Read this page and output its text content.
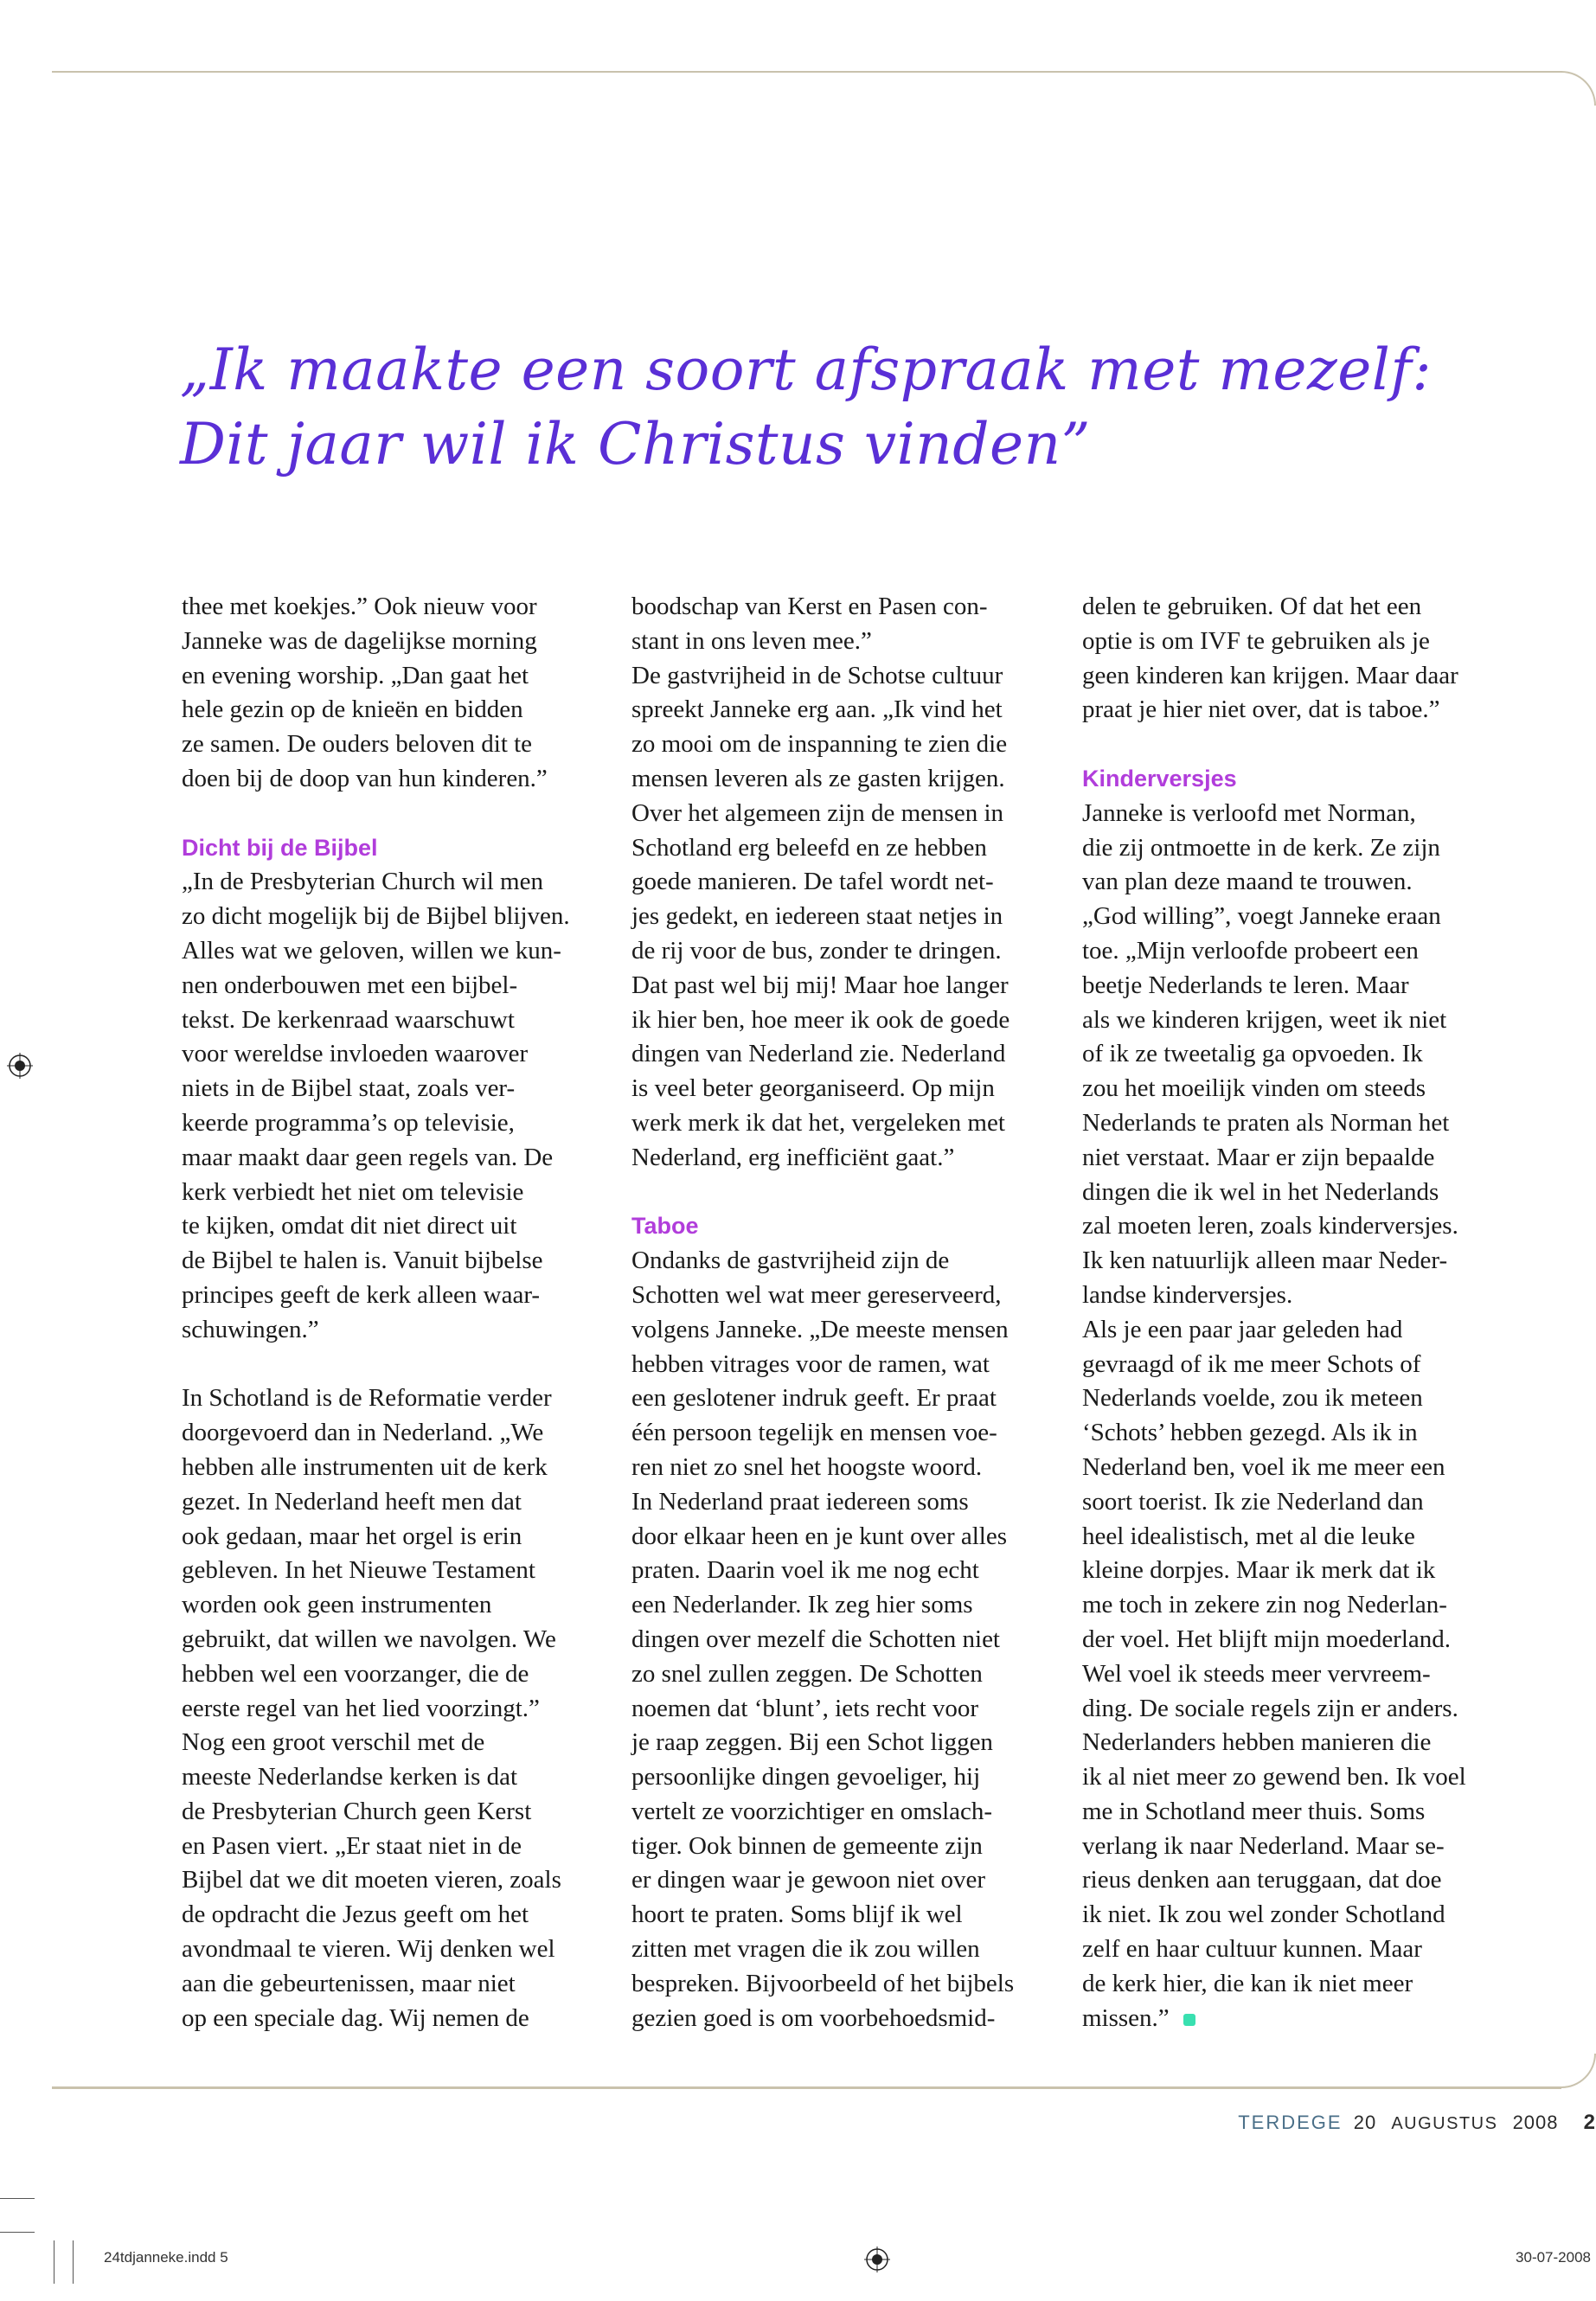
„Ik maakte een soort afspraak met mezelf:
Dit jaar wil ik Christus vinden”

thee met koekjes.” Ook nieuw voor
Janneke was de dagelijkse morning
en evening worship. „Dan gaat het
hele gezin op de knieën en bidden
ze samen. De ouders beloven dit te
doen bij de doop van hun kinderen.”

Dicht bij de Bijbel

„In de Presbyterian Church wil men
zo dicht mogelijk bij de Bijbel blijven.
Alles wat we geloven, willen we kun-
nen onderbouwen met een bijbel-
tekst. De kerkenraad waarschuwt
voor wereldse invloeden waarover
niets in de Bijbel staat, zoals ver-
keerde programma’s op televisie,
maar maakt daar geen regels van. De
kerk verbiedt het niet om televisie
te kijken, omdat dit niet direct uit
de Bijbel te halen is. Vanuit bijbelse
principes geeft de kerk alleen waar-
schuwingen.”

In Schotland is de Reformatie verder
doorgevoerd dan in Nederland. „We
hebben alle instrumenten uit de kerk
gezet. In Nederland heeft men dat
ook gedaan, maar het orgel is erin
gebleven. In het Nieuwe Testament
worden ook geen instrumenten
gebruikt, dat willen we navolgen. We
hebben wel een voorzanger, die de
eerste regel van het lied voorzingt.”
Nog een groot verschil met de
meeste Nederlandse kerken is dat
de Presbyterian Church geen Kerst
en Pasen viert. „Er staat niet in de
Bijbel dat we dit moeten vieren, zoals
de opdracht die Jezus geeft om het
avondmaal te vieren. Wij denken wel
aan die gebeurtenissen, maar niet
op een speciale dag. Wij nemen de

boodschap van Kerst en Pasen con-
stant in ons leven mee.”
De gastvrijheid in de Schotse cultuur
spreekt Janneke erg aan. „Ik vind het
zo mooi om de inspanning te zien die
mensen leveren als ze gasten krijgen.
Over het algemeen zijn de mensen in
Schotland erg beleefd en ze hebben
goede manieren. De tafel wordt net-
jes gedekt, en iedereen staat netjes in
de rij voor de bus, zonder te dringen.
Dat past wel bij mij! Maar hoe langer
ik hier ben, hoe meer ik ook de goede
dingen van Nederland zie. Nederland
is veel beter georganiseerd. Op mijn
werk merk ik dat het, vergeleken met
Nederland, erg inefficiënt gaat.”

Taboe

Ondanks de gastvrijheid zijn de
Schotten wel wat meer gereserveerd,
volgens Janneke. „De meeste mensen
hebben vitrages voor de ramen, wat
een geslotener indruk geeft. Er praat
één persoon tegelijk en mensen voe-
ren niet zo snel het hoogste woord.
In Nederland praat iedereen soms
door elkaar heen en je kunt over alles
praten. Daarin voel ik me nog echt
een Nederlander. Ik zeg hier soms
dingen over mezelf die Schotten niet
zo snel zullen zeggen. De Schotten
noemen dat ‘blunt’, iets recht voor
je raap zeggen. Bij een Schot liggen
persoonlijke dingen gevoeliger, hij
vertelt ze voorzichtiger en omslach-
tiger. Ook binnen de gemeente zijn
er dingen waar je gewoon niet over
hoort te praten. Soms blijf ik wel
zitten met vragen die ik zou willen
bespreken. Bijvoorbeeld of het bijbels
gezien goed is om voorbehoedsmid-

delen te gebruiken. Of dat het een
optie is om IVF te gebruiken als je
geen kinderen kan krijgen. Maar daar
praat je hier niet over, dat is taboe.”

Kinderversjes

Janneke is verloofd met Norman,
die zij ontmoette in de kerk. Ze zijn
van plan deze maand te trouwen.
„God willing”, voegt Janneke eraan
toe. „Mijn verloofde probeert een
beetje Nederlands te leren. Maar
als we kinderen krijgen, weet ik niet
of ik ze tweetalig ga opvoeden. Ik
zou het moeilijk vinden om steeds
Nederlands te praten als Norman het
niet verstaat. Maar er zijn bepaalde
dingen die ik wel in het Nederlands
zal moeten leren, zoals kinderversjes.
Ik ken natuurlijk alleen maar Neder-
landse kinderversjes.
Als je een paar jaar geleden had
gevraagd of ik me meer Schots of
Nederlands voelde, zou ik meteen
‘Schots’ hebben gezegd. Als ik in
Nederland ben, voel ik me meer een
soort toerist. Ik zie Nederland dan
heel idealistisch, met al die leuke
kleine dorpjes. Maar ik merk dat ik
me toch in zekere zin nog Nederlan-
der voel. Het blijft mijn moederland.
Wel voel ik steeds meer vervreem-
ding. De sociale regels zijn er anders.
Nederlanders hebben manieren die
ik al niet meer zo gewend ben. Ik voel
me in Schotland meer thuis. Soms
verlang ik naar Nederland. Maar se-
rieus denken aan teruggaan, dat doe
ik niet. Ik zou wel zonder Schotland
zelf en haar cultuur kunnen. Maar
de kerk hier, die kan ik niet meer

missen.”
TERDEGE 20 AUGUSTUS 2008 2
24tdjanneke.indd 5	30-07-2008
